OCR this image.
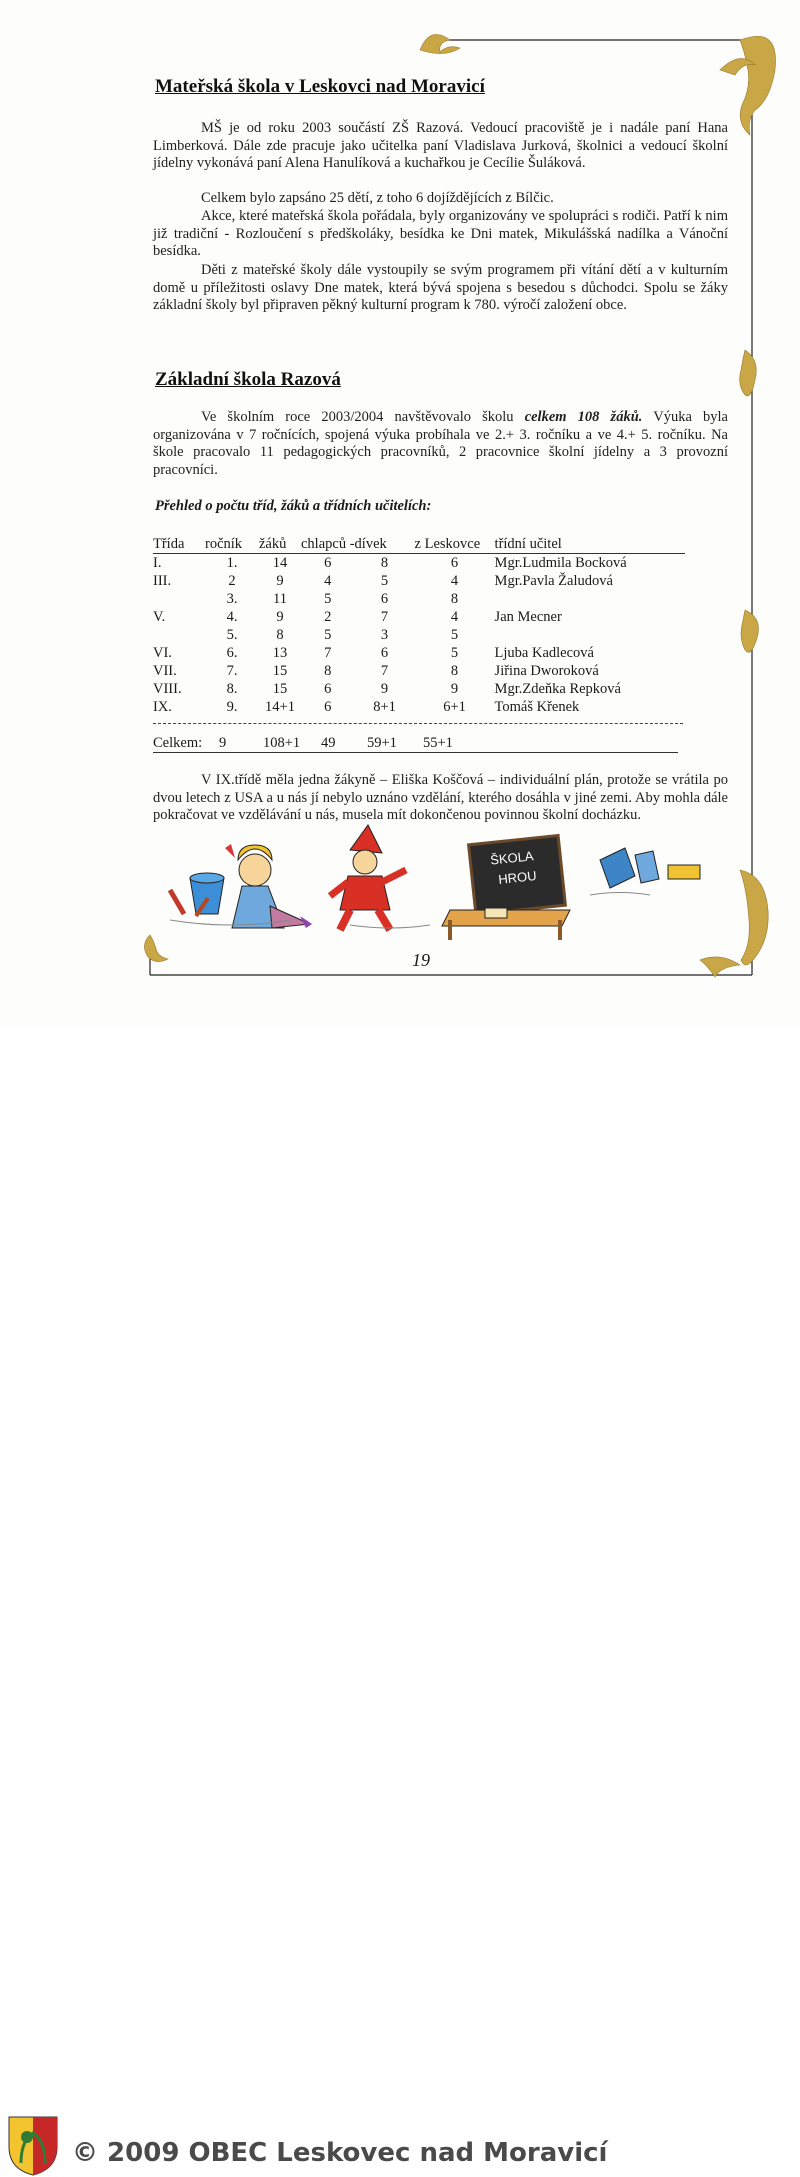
Mateřská škola v Leskovci nad Moravicí
MŠ je od roku 2003 součástí ZŠ Razová. Vedoucí pracoviště je i nadále paní Hana Limberková. Dále zde pracuje jako učitelka paní Vladislava Jurková, školnici a vedoucí školní jídelny vykonává paní Alena Hanulíková a kuchařkou je Cecílie Šuláková.
Celkem bylo zapsáno 25 dětí, z toho 6 dojíždějících z Bílčic.
Akce, které mateřská škola pořádala, byly organizovány ve spolupráci s rodiči. Patří k nim již tradiční - Rozloučení s předškoláky, besídka ke Dni matek, Mikulášská nadílka a Vánoční besídka.
Děti z mateřské školy dále vystoupily se svým programem při vítání dětí a v kulturním domě u příležitosti oslavy Dne matek, která bývá spojena s besedou s důchodci. Spolu se žáky základní školy byl připraven pěkný kulturní program k 780. výročí založení obce.
Základní škola Razová
Ve školním roce 2003/2004 navštěvovalo školu celkem 108 žáků. Výuka byla organizována v 7 ročnících, spojená výuka probíhala ve 2.+ 3. ročníku a ve 4.+ 5. ročníku. Na škole pracovalo 11 pedagogických pracovníků, 2 pracovnice školní jídelny a 3 provozní pracovníci.
Přehled o počtu tříd, žáků a třídních učitelích:
Třída	ročník	žáků	chlapců -	dívek	z Leskovce	třídní učitel
I.	1.	14	6	8	6	Mgr.Ludmila Bocková
III.	2	9	4	5	4	Mgr.Pavla Žaludová
	3.	11	5	6	8	
V.	4.	9	2	7	4	Jan Mecner
	5.	8	5	3	5	
VI.	6.	13	7	6	5	Ljuba Kadlecová
VII.	7.	15	8	7	8	Jiřina Dworoková
VIII.	8.	15	6	9	9	Mgr.Zdeňka Repková
IX.	9.	14+1	6	8+1	6+1	Tomáš Křenek
Celkem: 9	108+1 49 59+1 55+1
V IX.třídě měla jedna žákyně – Eliška Koščová – individuální plán, protože se vrátila po dvou letech z USA a u nás jí nebylo uznáno vzdělání, kterého dosáhla v jiné zemi. Aby mohla dále pokračovat ve vzdělávání u nás, musela mít dokončenou povinnou školní docházku.
ŠKOLA
HROU
19
© 2009 OBEC Leskovec nad Moravicí
